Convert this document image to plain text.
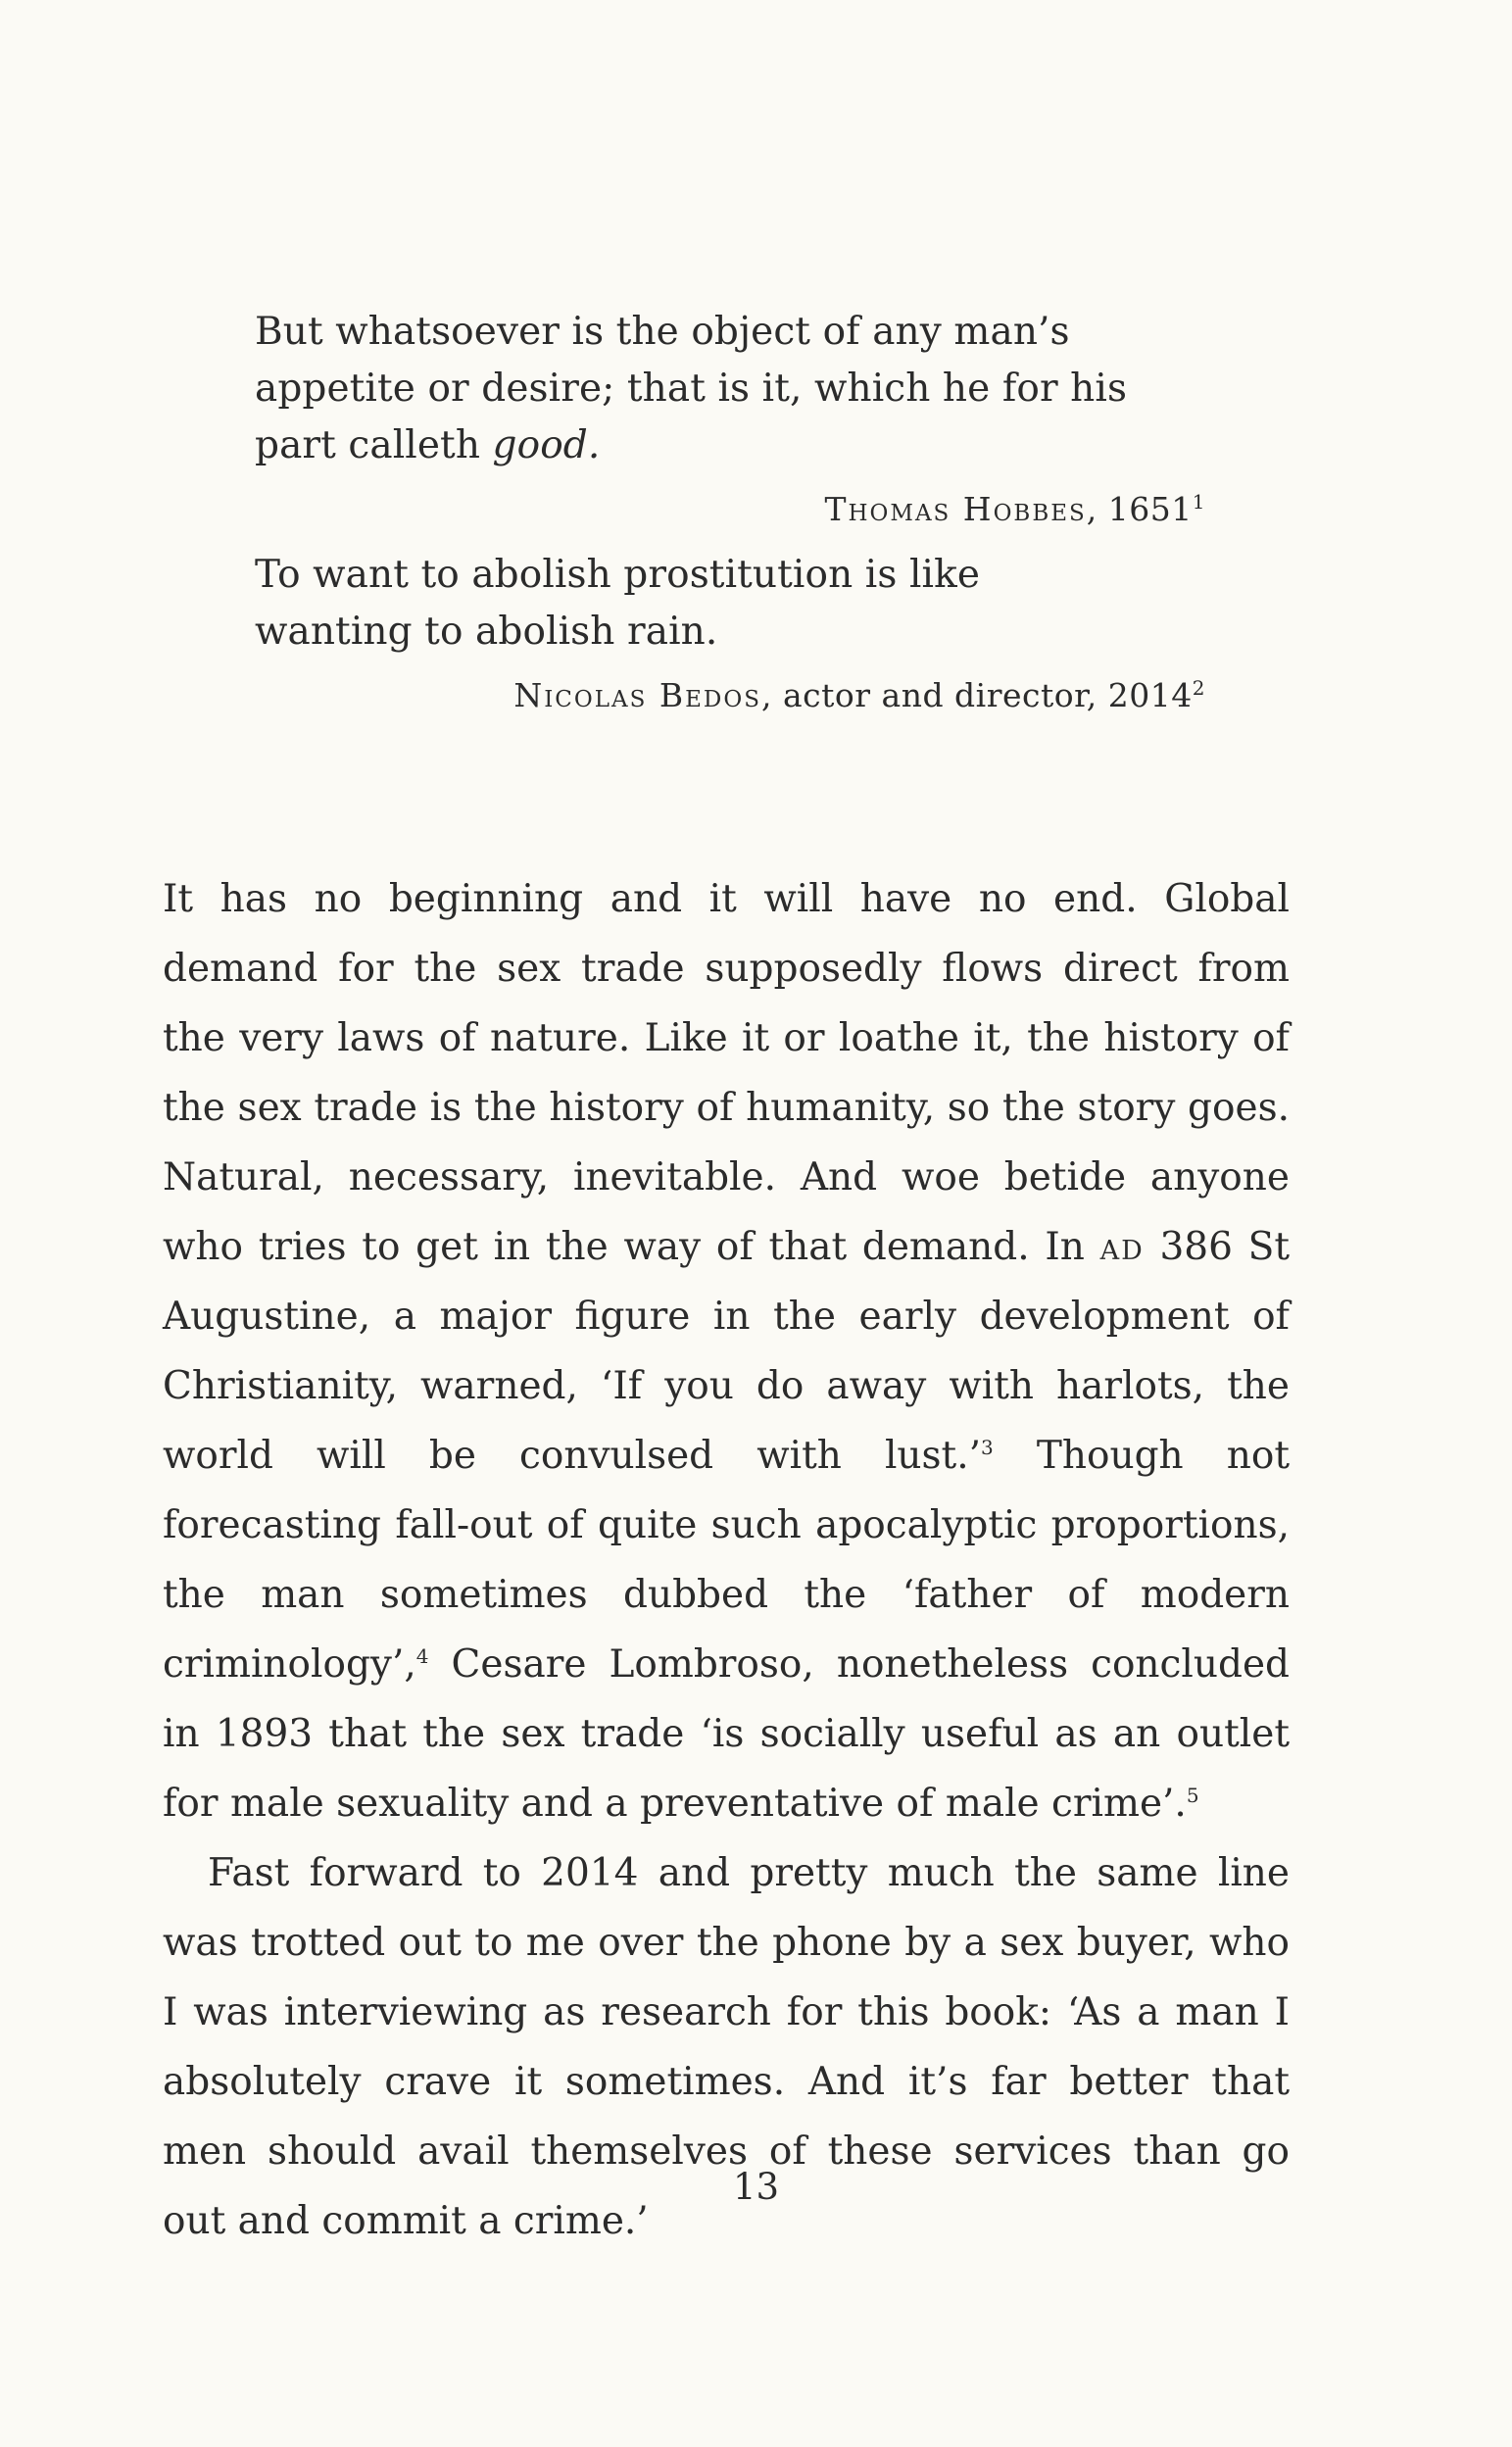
But whatsoever is the object of any man’s appetite or desire; that is it, which he for his part calleth good.

Thomas Hobbes, 1651$^1$

To want to abolish prostitution is like wanting to abolish rain.

Nicolas Bedos, actor and director, 2014$^2$

It has no beginning and it will have no end. Global demand for the sex trade supposedly flows direct from the very laws of nature. Like it or loathe it, the history of the sex trade is the history of humanity, so the story goes. Natural, necessary, inevitable. And woe betide anyone who tries to get in the way of that demand. In ad 386 St Augustine, a major figure in the early development of Christianity, warned, ‘If you do away with harlots, the world will be convulsed with lust.’$^3$ Though not forecasting fall-out of quite such apocalyptic proportions, the man sometimes dubbed the ‘father of modern criminology’,$^4$ Cesare Lombroso, nonetheless concluded in 1893 that the sex trade ‘is socially useful as an outlet for male sexuality and a preventative of male crime’.$^5$

Fast forward to 2014 and pretty much the same line was trotted out to me over the phone by a sex buyer, who I was interviewing as research for this book: ‘As a man I absolutely crave it sometimes. And it’s far better that men should avail themselves of these services than go out and commit a crime.’

13
